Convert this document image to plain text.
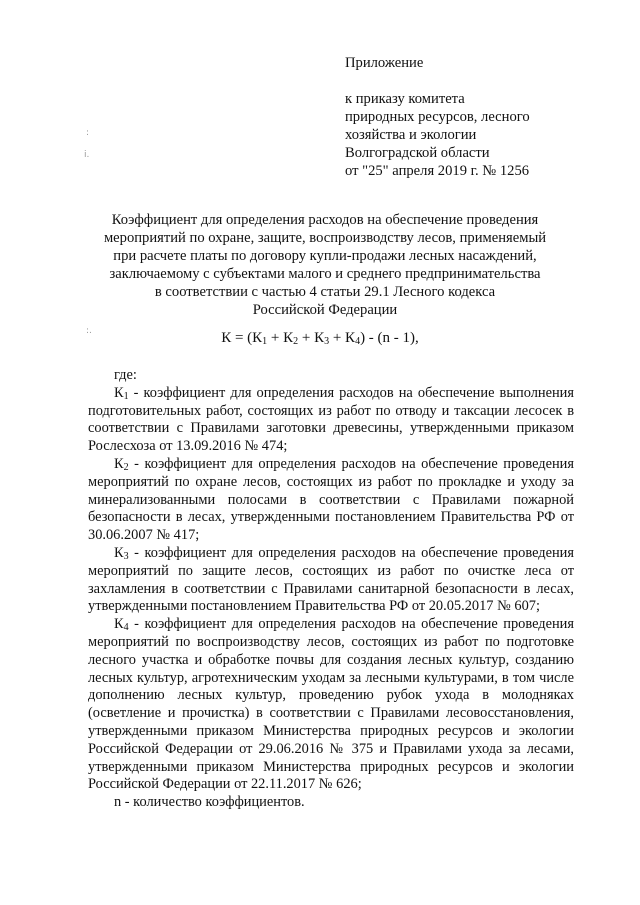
:
i.
:.
Приложение
к приказу комитета
природных ресурсов, лесного
хозяйства и экологии
Волгоградской области
от "25" апреля 2019 г. № 1256
Коэффициент для определения расходов на обеспечение проведения
мероприятий по охране, защите, воспроизводству лесов, применяемый
при расчете платы по договору купли-продажи лесных насаждений,
заключаемому с субъектами малого и среднего предпринимательства
в соответствии с частью 4 статьи 29.1 Лесного кодекса
Российской Федерации
$К = (К_1 + К_2 + К_3 + К_4) - (n - 1)$,

где:

$К_1$ - коэффициент для определения расходов на обеспечение выполнения подготовительных работ, состоящих из работ по отводу и таксации лесосек в соответствии с Правилами заготовки древесины, утвержденными приказом Рослесхоза от 13.09.2016 № 474;

$К_2$ - коэффициент для определения расходов на обеспечение проведения мероприятий по охране лесов, состоящих из работ по прокладке и уходу за минерализованными полосами в соответствии с Правилами пожарной безопасности в лесах, утвержденными постановлением Правительства РФ от 30.06.2007 № 417;

$К_3$ - коэффициент для определения расходов на обеспечение проведения мероприятий по защите лесов, состоящих из работ по очистке леса от захламления в соответствии с Правилами санитарной безопасности в лесах, утвержденными постановлением Правительства РФ от 20.05.2017 № 607;

$К_4$ - коэффициент для определения расходов на обеспечение проведения мероприятий по воспроизводству лесов, состоящих из работ по подготовке лесного участка и обработке почвы для создания лесных культур, созданию лесных культур, агротехническим уходам за лесными культурами, в том числе дополнению лесных культур, проведению рубок ухода в молодняках (осветление и прочистка) в соответствии с Правилами лесовосстановления, утвержденными приказом Министерства природных ресурсов и экологии Российской Федерации от 29.06.2016 № 375 и Правилами ухода за лесами, утвержденными приказом Министерства природных ресурсов и экологии Российской Федерации от 22.11.2017 № 626;

n - количество коэффициентов.
